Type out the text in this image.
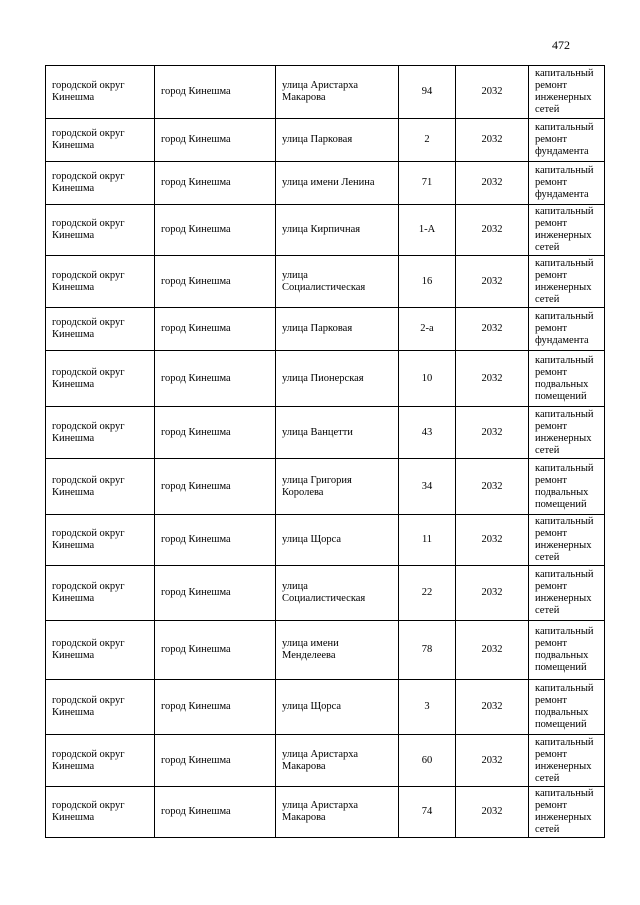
472
городской округ Кинешма	город Кинешма	улица Аристарха Макарова	94	2032	капитальный ремонт инженерных сетей
городской округ Кинешма	город Кинешма	улица Парковая	2	2032	капитальный ремонт фундамента
городской округ Кинешма	город Кинешма	улица имени Ленина	71	2032	капитальный ремонт фундамента
городской округ Кинешма	город Кинешма	улица Кирпичная	1-А	2032	капитальный ремонт инженерных сетей
городской округ Кинешма	город Кинешма	улица Социалистическая	16	2032	капитальный ремонт инженерных сетей
городской округ Кинешма	город Кинешма	улица Парковая	2-а	2032	капитальный ремонт фундамента
городской округ Кинешма	город Кинешма	улица Пионерская	10	2032	капитальный ремонт подвальных помещений
городской округ Кинешма	город Кинешма	улица Ванцетти	43	2032	капитальный ремонт инженерных сетей
городской округ Кинешма	город Кинешма	улица Григория Королева	34	2032	капитальный ремонт подвальных помещений
городской округ Кинешма	город Кинешма	улица Щорса	11	2032	капитальный ремонт инженерных сетей
городской округ Кинешма	город Кинешма	улица Социалистическая	22	2032	капитальный ремонт инженерных сетей
городской округ Кинешма	город Кинешма	улица имени Менделеева	78	2032	капитальный ремонт подвальных помещений
городской округ Кинешма	город Кинешма	улица Щорса	3	2032	капитальный ремонт подвальных помещений
городской округ Кинешма	город Кинешма	улица Аристарха Макарова	60	2032	капитальный ремонт инженерных сетей
городской округ Кинешма	город Кинешма	улица Аристарха Макарова	74	2032	капитальный ремонт инженерных сетей
